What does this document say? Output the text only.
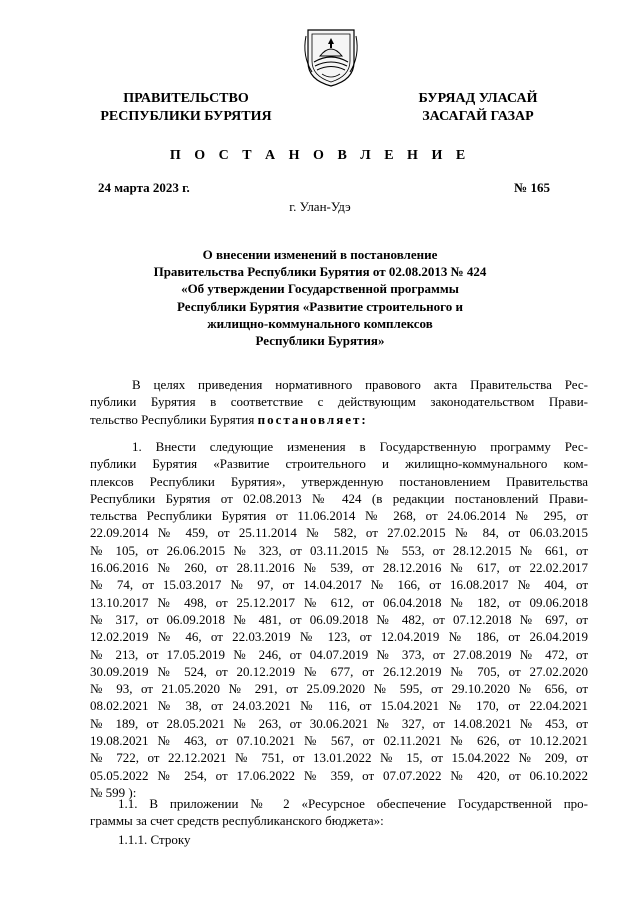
ПРАВИТЕЛЬСТВО
РЕСПУБЛИКИ БУРЯТИЯ
БУРЯАД УЛАСАЙ
ЗАСАГАЙ ГАЗАР
П О С Т А Н О В Л Е Н И Е
24 марта 2023 г.	№ 165
г. Улан-Удэ
О внесении изменений в постановление
Правительства Республики Бурятия от 02.08.2013 № 424
«Об утверждении Государственной программы
Республики Бурятия «Развитие строительного и
жилищно-коммунального комплексов
Республики Бурятия»
В целях приведения нормативного правового акта Правительства Рес-
публики Бурятия в соответствие с действующим законодательством Прави-
тельство Республики Бурятия постановляет:
1. Внести следующие изменения в Государственную программу Рес-
публики Бурятия «Развитие строительного и жилищно-коммунального ком-
плексов Республики Бурятия», утвержденную постановлением Правительства
Республики Бурятия от 02.08.2013 № 424 (в редакции постановлений Прави-
тельства Республики Бурятия от 11.06.2014 № 268, от 24.06.2014 № 295, от
22.09.2014 № 459, от 25.11.2014 № 582, от 27.02.2015 № 84, от 06.03.2015
№ 105, от 26.06.2015 № 323, от 03.11.2015 № 553, от 28.12.2015 № 661, от
16.06.2016 № 260, от 28.11.2016 № 539, от 28.12.2016 № 617, от 22.02.2017
№ 74, от 15.03.2017 № 97, от 14.04.2017 № 166, от 16.08.2017 № 404, от
13.10.2017 № 498, от 25.12.2017 № 612, от 06.04.2018 № 182, от 09.06.2018
№ 317, от 06.09.2018 № 481, от 06.09.2018 № 482, от 07.12.2018 № 697, от
12.02.2019 № 46, от 22.03.2019 № 123, от 12.04.2019 № 186, от 26.04.2019
№ 213, от 17.05.2019 № 246, от 04.07.2019 № 373, от 27.08.2019 № 472, от
30.09.2019 № 524, от 20.12.2019 № 677, от 26.12.2019 № 705, от 27.02.2020
№ 93, от 21.05.2020 № 291, от 25.09.2020 № 595, от 29.10.2020 № 656, от
08.02.2021 № 38, от 24.03.2021 № 116, от 15.04.2021 № 170, от 22.04.2021
№ 189, от 28.05.2021 № 263, от 30.06.2021 № 327, от 14.08.2021 № 453, от
19.08.2021 № 463, от 07.10.2021 № 567, от 02.11.2021 № 626, от 10.12.2021
№ 722, от 22.12.2021 № 751, от 13.01.2022 № 15, от 15.04.2022 № 209, от
05.05.2022 № 254, от 17.06.2022 № 359, от 07.07.2022 № 420, от 06.10.2022
№ 599 ):
1.1. В приложении № 2 «Ресурсное обеспечение Государственной про-
граммы за счет средств республиканского бюджета»:
1.1.1. Строку
